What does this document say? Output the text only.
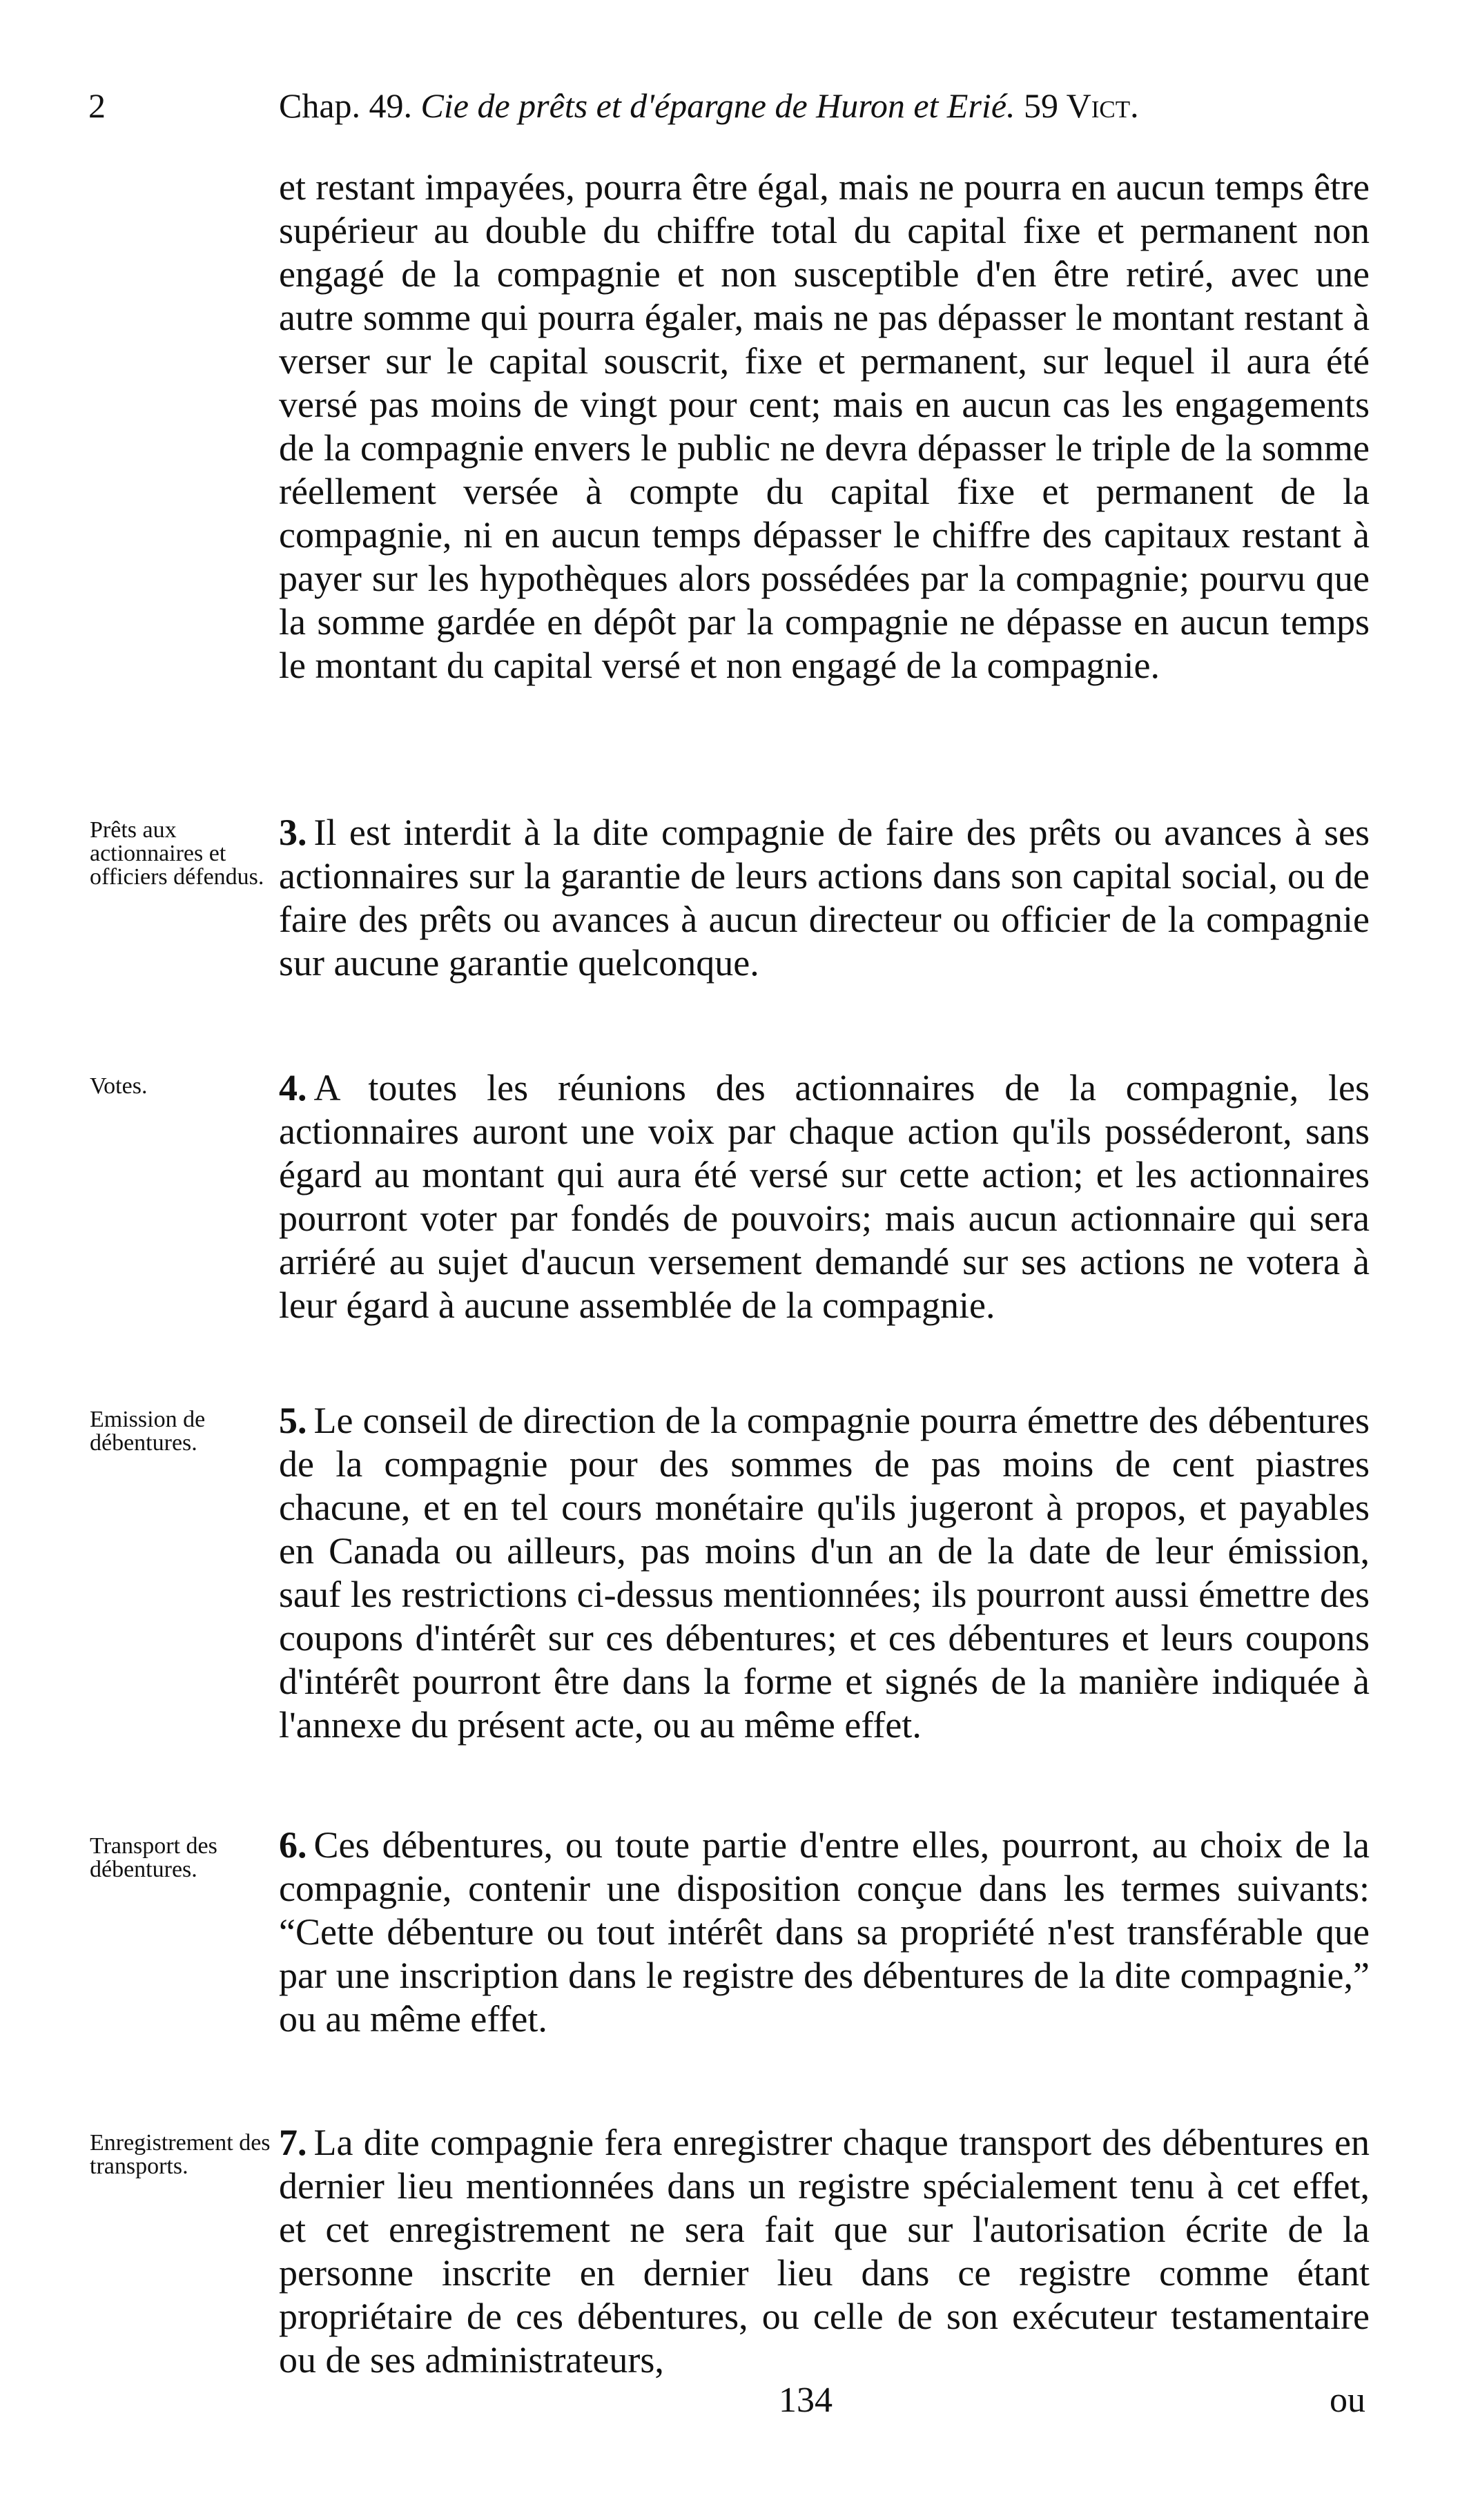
2	Chap. 49. Cie de prêts et d'épargne de Huron et Erié. 59 Vict.

et restant impayées, pourra être égal, mais ne pourra en aucun temps être supérieur au double du chiffre total du capital fixe et permanent non engagé de la compagnie et non susceptible d'en être retiré, avec une autre somme qui pourra égaler, mais ne pas dépasser le montant restant à verser sur le capital souscrit, fixe et permanent, sur lequel il aura été versé pas moins de vingt pour cent; mais en aucun cas les engagements de la compagnie envers le public ne devra dépasser le triple de la somme réellement versée à compte du capital fixe et permanent de la compagnie, ni en aucun temps dépasser le chiffre des capitaux restant à payer sur les hypothèques alors possédées par la compagnie; pourvu que la somme gardée en dépôt par la compagnie ne dépasse en aucun temps le montant du capital versé et non engagé de la compagnie.

Prêts aux actionnaires et officiers défendus.

3. Il est interdit à la dite compagnie de faire des prêts ou avances à ses actionnaires sur la garantie de leurs actions dans son capital social, ou de faire des prêts ou avances à aucun directeur ou officier de la compagnie sur aucune garantie quelconque.

Votes.	4. A toutes les réunions des actionnaires de la compagnie, les actionnaires auront une voix par chaque action qu'ils posséderont, sans égard au montant qui aura été versé sur cette action; et les actionnaires pourront voter par fondés de pouvoirs; mais aucun actionnaire qui sera arriéré au sujet d'aucun versement demandé sur ses actions ne votera à leur égard à aucune assemblée de la compagnie.

Emission de débentures.

5. Le conseil de direction de la compagnie pourra émettre des débentures de la compagnie pour des sommes de pas moins de cent piastres chacune, et en tel cours monétaire qu'ils jugeront à propos, et payables en Canada ou ailleurs, pas moins d'un an de la date de leur émission, sauf les restrictions ci-dessus mentionnées; ils pourront aussi émettre des coupons d'intérêt sur ces débentures; et ces débentures et leurs coupons d'intérêt pourront être dans la forme et signés de la manière indiquée à l'annexe du présent acte, ou au même effet.

Transport des débentures.

6. Ces débentures, ou toute partie d'entre elles, pourront, au choix de la compagnie, contenir une disposition conçue dans les termes suivants: “Cette débenture ou tout intérêt dans sa propriété n'est transférable que par une inscription dans le registre des débentures de la dite compagnie,” ou au même effet.

Enregistrement des transports.

7. La dite compagnie fera enregistrer chaque transport des débentures en dernier lieu mentionnées dans un registre spécialement tenu à cet effet, et cet enregistrement ne sera fait que sur l'autorisation écrite de la personne inscrite en dernier lieu dans ce registre comme étant propriétaire de ces débentures, ou celle de son exécuteur testamentaire ou de ses administrateurs,

134	ou
